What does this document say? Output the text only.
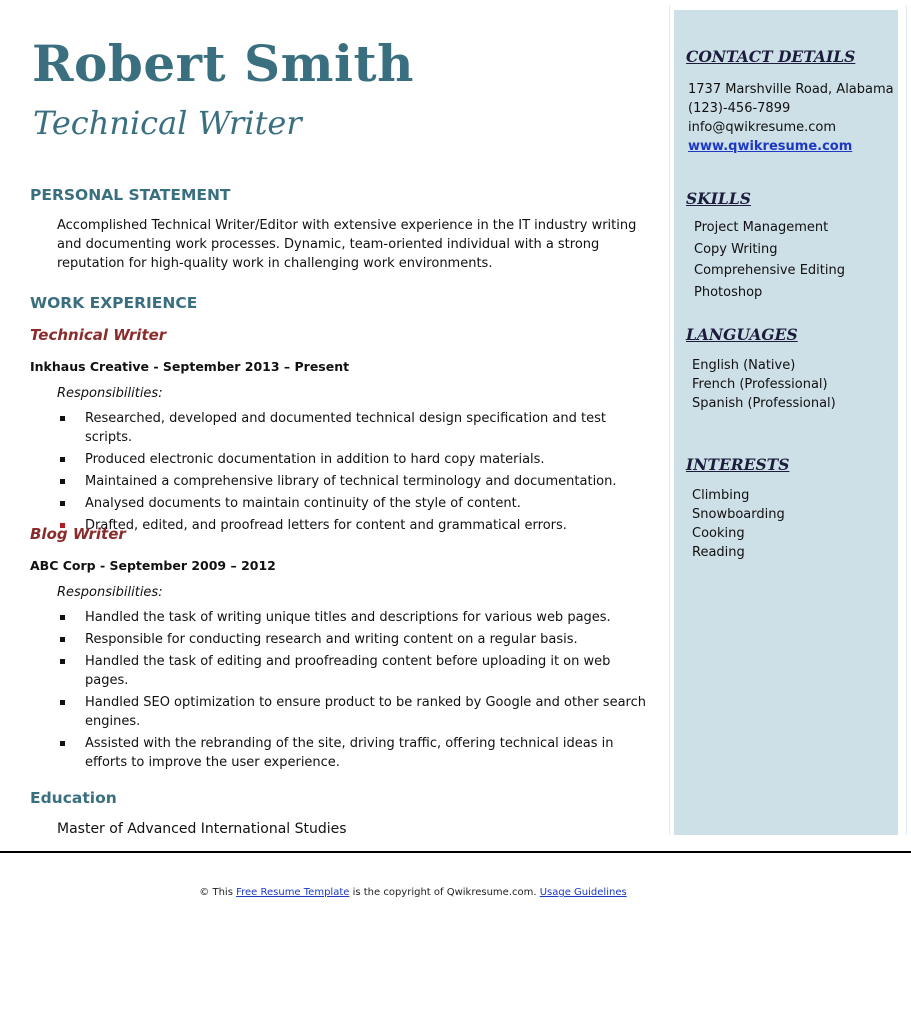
Robert Smith
Technical Writer
PERSONAL STATEMENT
Accomplished Technical Writer/Editor with extensive experience in the IT industry writing and documenting work processes. Dynamic, team-oriented individual with a strong reputation for high-quality work in challenging work environments.
WORK EXPERIENCE
Technical Writer
Inkhaus Creative - September 2013 – Present
Responsibilities:
Researched, developed and documented technical design specification and test scripts.
Produced electronic documentation in addition to hard copy materials.
Maintained a comprehensive library of technical terminology and documentation.
Analysed documents to maintain continuity of the style of content.
Drafted, edited, and proofread letters for content and grammatical errors.
Blog Writer
ABC Corp - September 2009 – 2012
Responsibilities:
Handled the task of writing unique titles and descriptions for various web pages.
Responsible for conducting research and writing content on a regular basis.
Handled the task of editing and proofreading content before uploading it on web pages.
Handled SEO optimization to ensure product to be ranked by Google and other search engines.
Assisted with the rebranding of the site, driving traffic, offering technical ideas in efforts to improve the user experience.
Education
Master of Advanced International Studies
CONTACT DETAILS
1737 Marshville Road, Alabama
(123)-456-7899
info@qwikresume.com
www.qwikresume.com
SKILLS
Project Management
Copy Writing
Comprehensive Editing
Photoshop
LANGUAGES
English (Native)
French (Professional)
Spanish (Professional)
INTERESTS
Climbing
Snowboarding
Cooking
Reading
© This Free Resume Template is the copyright of Qwikresume.com. Usage Guidelines
